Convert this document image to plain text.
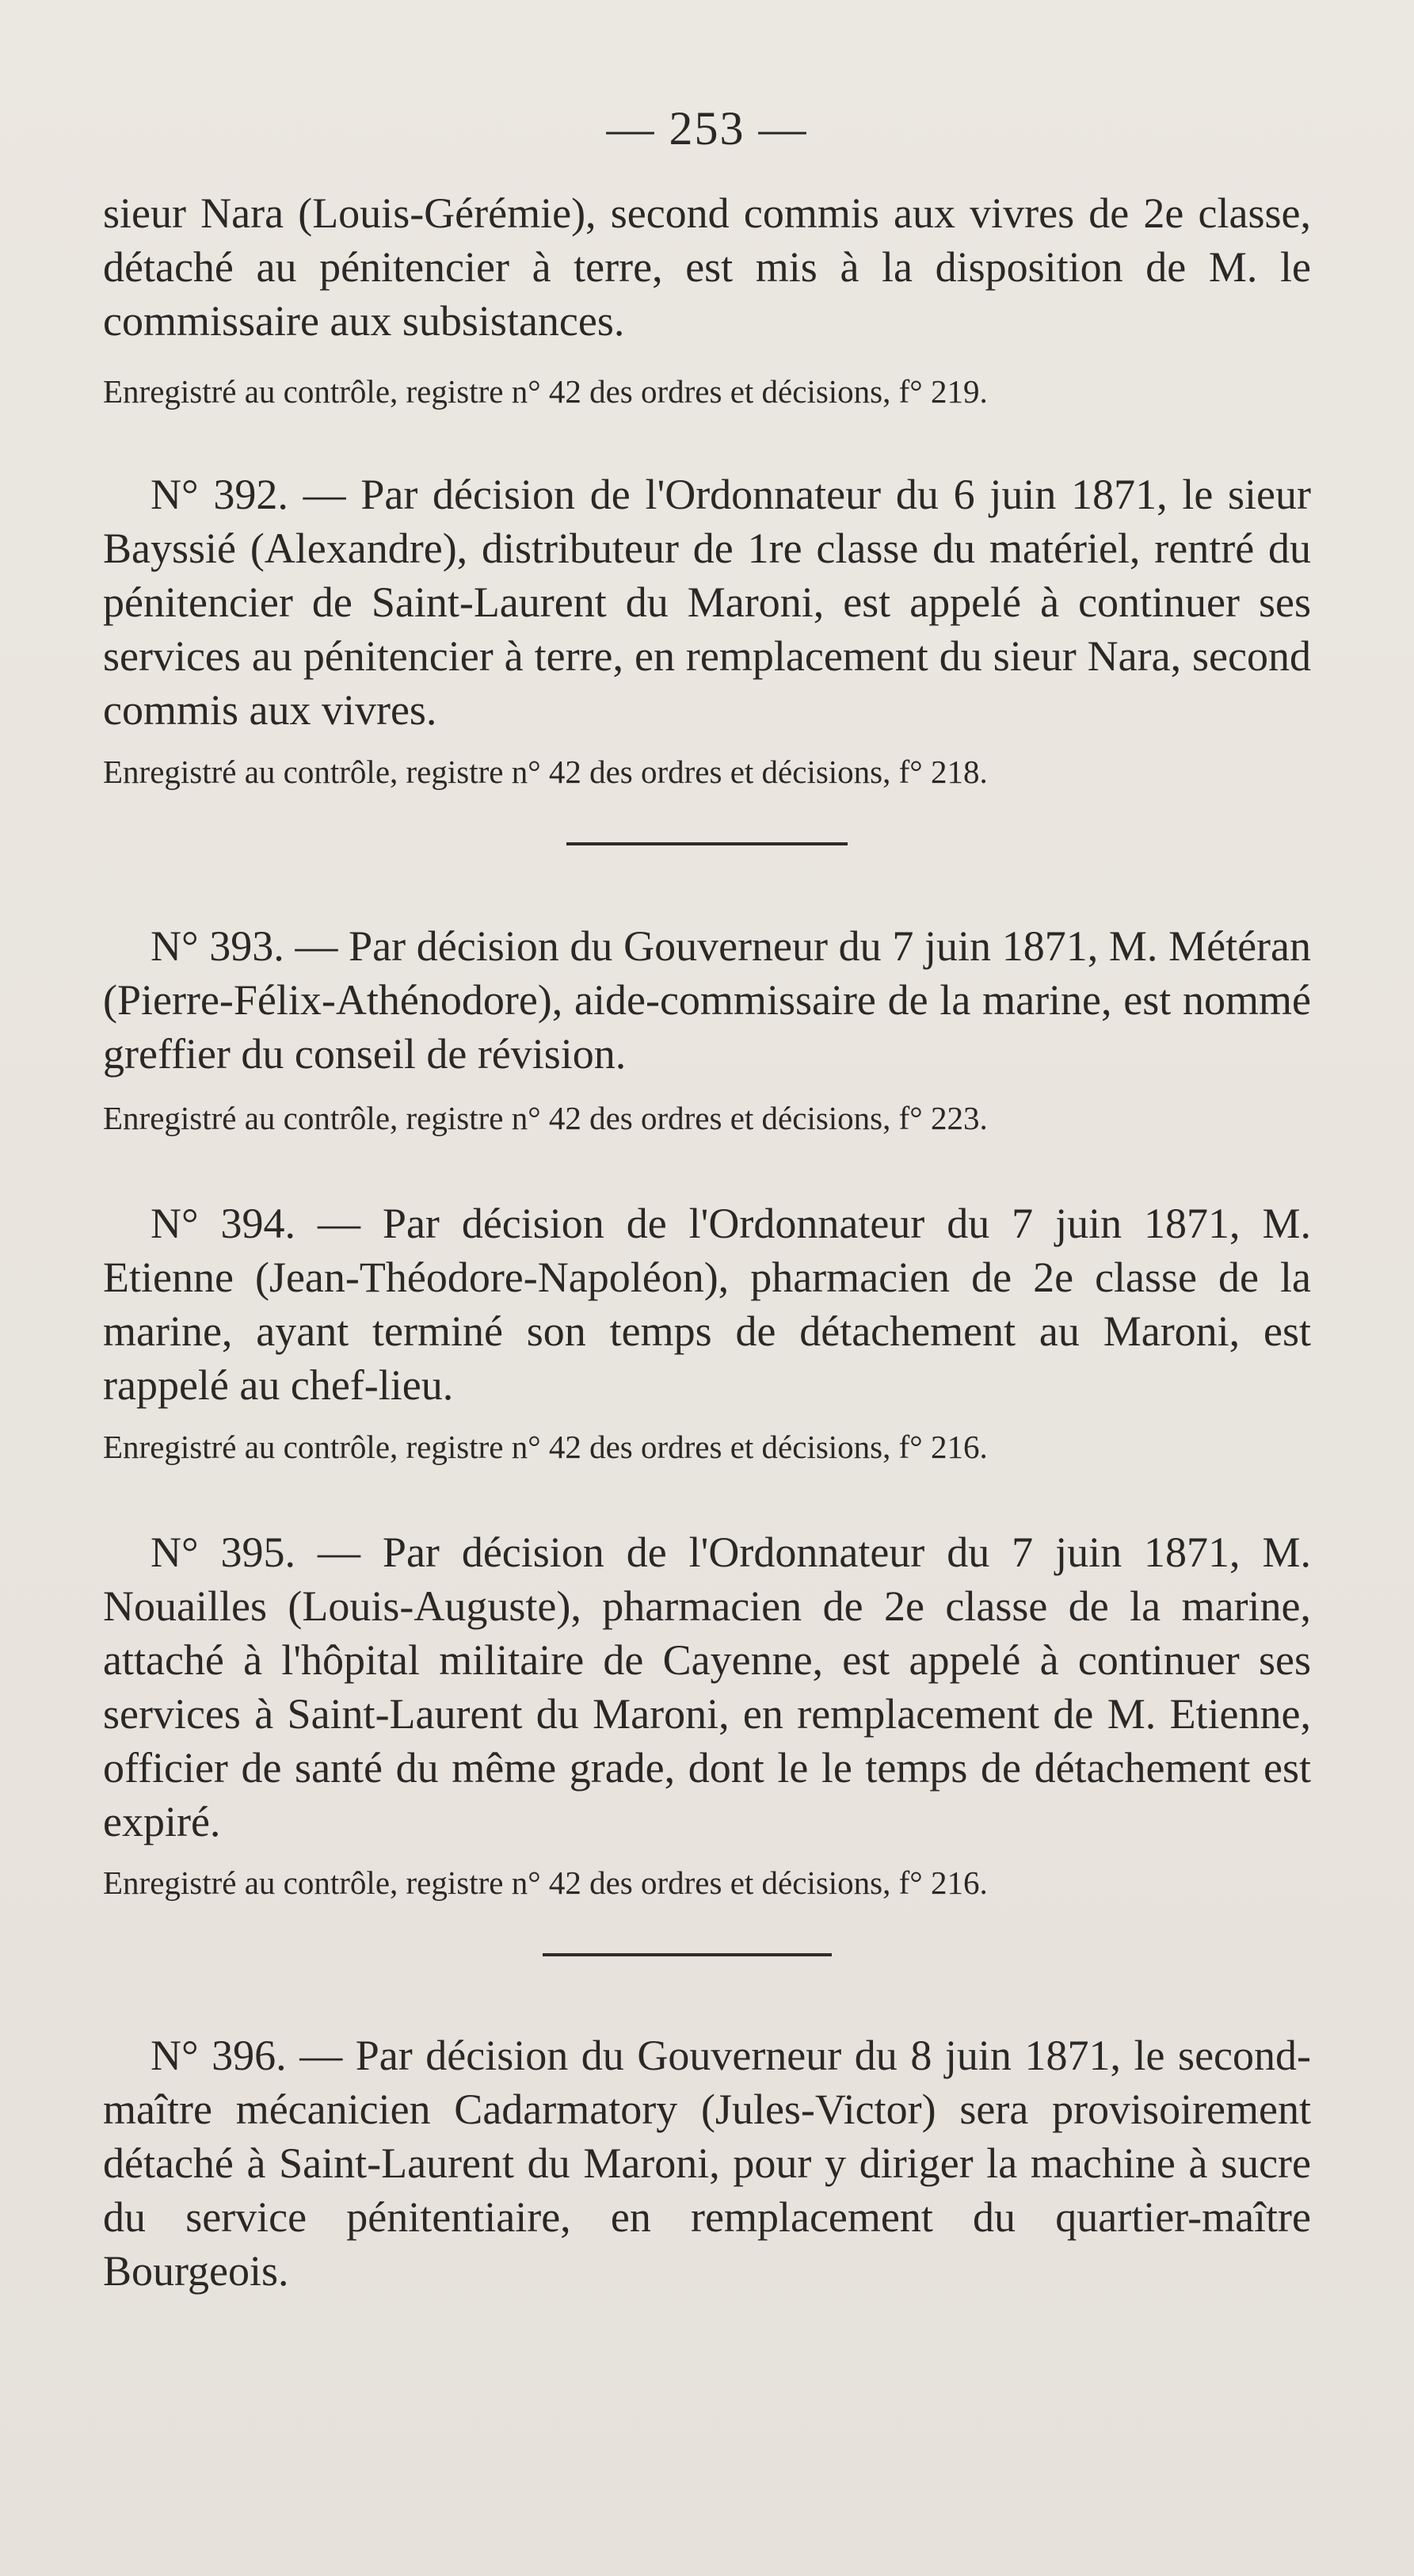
— 253 —

sieur Nara (Louis-Gérémie), second commis aux vivres de 2e classe, détaché au pénitencier à terre, est mis à la disposition de M. le commissaire aux subsistances.

Enregistré au contrôle, registre n° 42 des ordres et décisions, f° 219.

N° 392. — Par décision de l'Ordonnateur du 6 juin 1871, le sieur Bayssié (Alexandre), distributeur de 1re classe du matériel, rentré du pénitencier de Saint-Laurent du Maroni, est appelé à continuer ses services au pénitencier à terre, en remplacement du sieur Nara, second commis aux vivres.

Enregistré au contrôle, registre n° 42 des ordres et décisions, f° 218.

N° 393. — Par décision du Gouverneur du 7 juin 1871, M. Météran (Pierre-Félix-Athénodore), aide-commissaire de la marine, est nommé greffier du conseil de révision.

Enregistré au contrôle, registre n° 42 des ordres et décisions, f° 223.

N° 394. — Par décision de l'Ordonnateur du 7 juin 1871, M. Etienne (Jean-Théodore-Napoléon), pharmacien de 2e classe de la marine, ayant terminé son temps de détachement au Maroni, est rappelé au chef-lieu.

Enregistré au contrôle, registre n° 42 des ordres et décisions, f° 216.

N° 395. — Par décision de l'Ordonnateur du 7 juin 1871, M. Nouailles (Louis-Auguste), pharmacien de 2e classe de la marine, attaché à l'hôpital militaire de Cayenne, est appelé à continuer ses services à Saint-Laurent du Maroni, en remplacement de M. Etienne, officier de santé du même grade, dont le le temps de détachement est expiré.

Enregistré au contrôle, registre n° 42 des ordres et décisions, f° 216.

N° 396. — Par décision du Gouverneur du 8 juin 1871, le second-maître mécanicien Cadarmatory (Jules-Victor) sera provisoirement détaché à Saint-Laurent du Maroni, pour y diriger la machine à sucre du service pénitentiaire, en remplacement du quartier-maître Bourgeois.
